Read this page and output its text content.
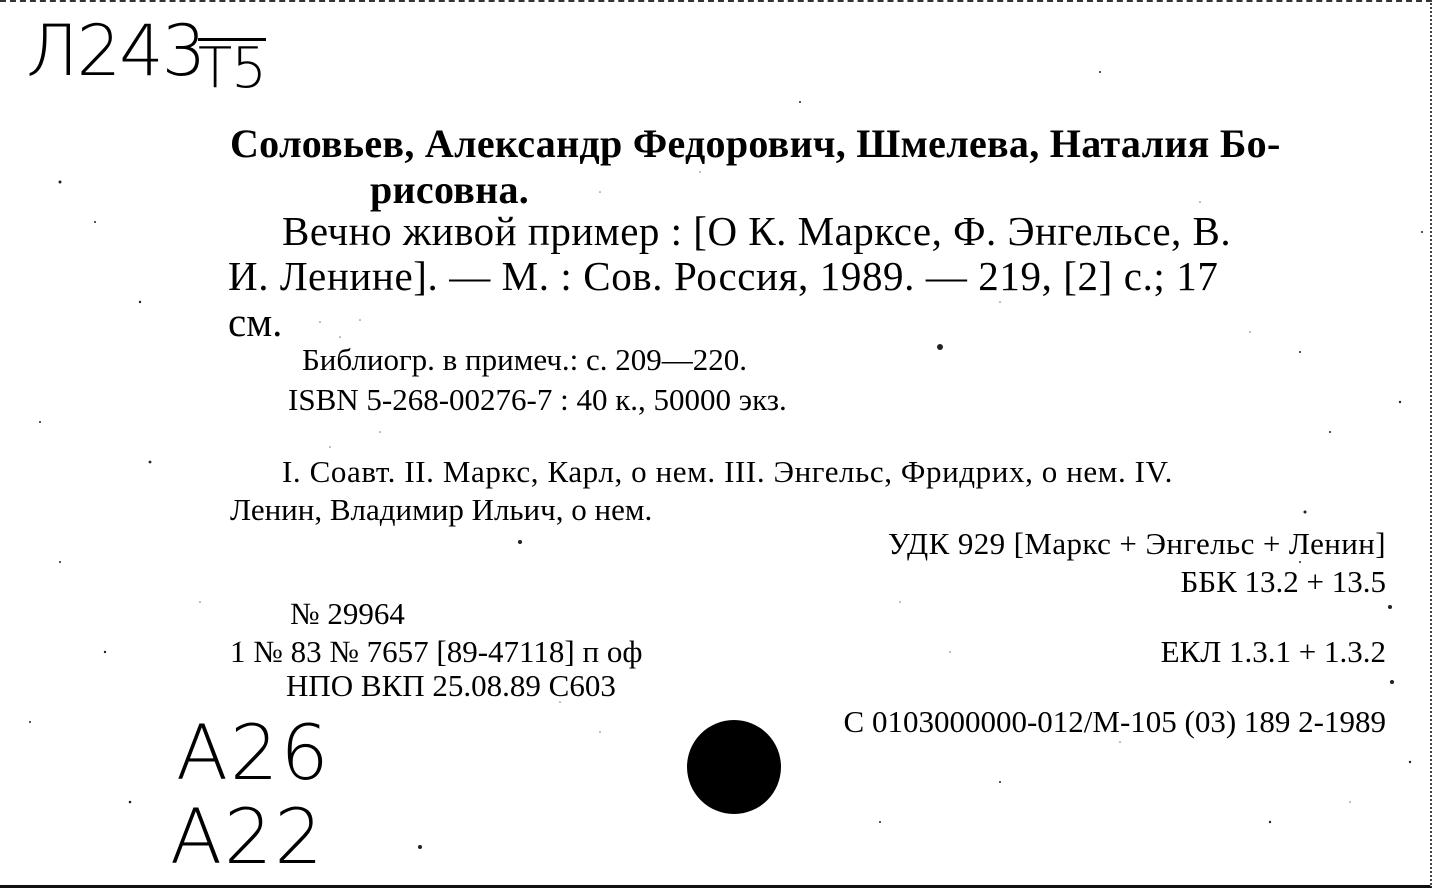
Л243
Т5
А26
А22
Соловьев, Александр Федорович, Шмелева, Наталия Бо-
рисовна.
Вечно живой пример : [О К. Марксе, Ф. Энгельсе, В.
И. Ленине]. — М. : Сов. Россия, 1989. — 219, [2] с.; 17
см.
Библиогр. в примеч.: с. 209—220.
ISBN 5-268-00276-7 : 40 к., 50000 экз.
I. Соавт. II. Маркс, Карл, о нем. III. Энгельс, Фридрих, о нем. IV.
Ленин, Владимир Ильич, о нем.
УДК 929 [Маркс + Энгельс + Ленин]
ББК 13.2 + 13.5
ЕКЛ 1.3.1 + 1.3.2
№ 29964
1 № 83 № 7657 [89-47118] п оф
НПО ВКП 25.08.89 С603
С 0103000000-012/М-105 (03) 189 2-1989
